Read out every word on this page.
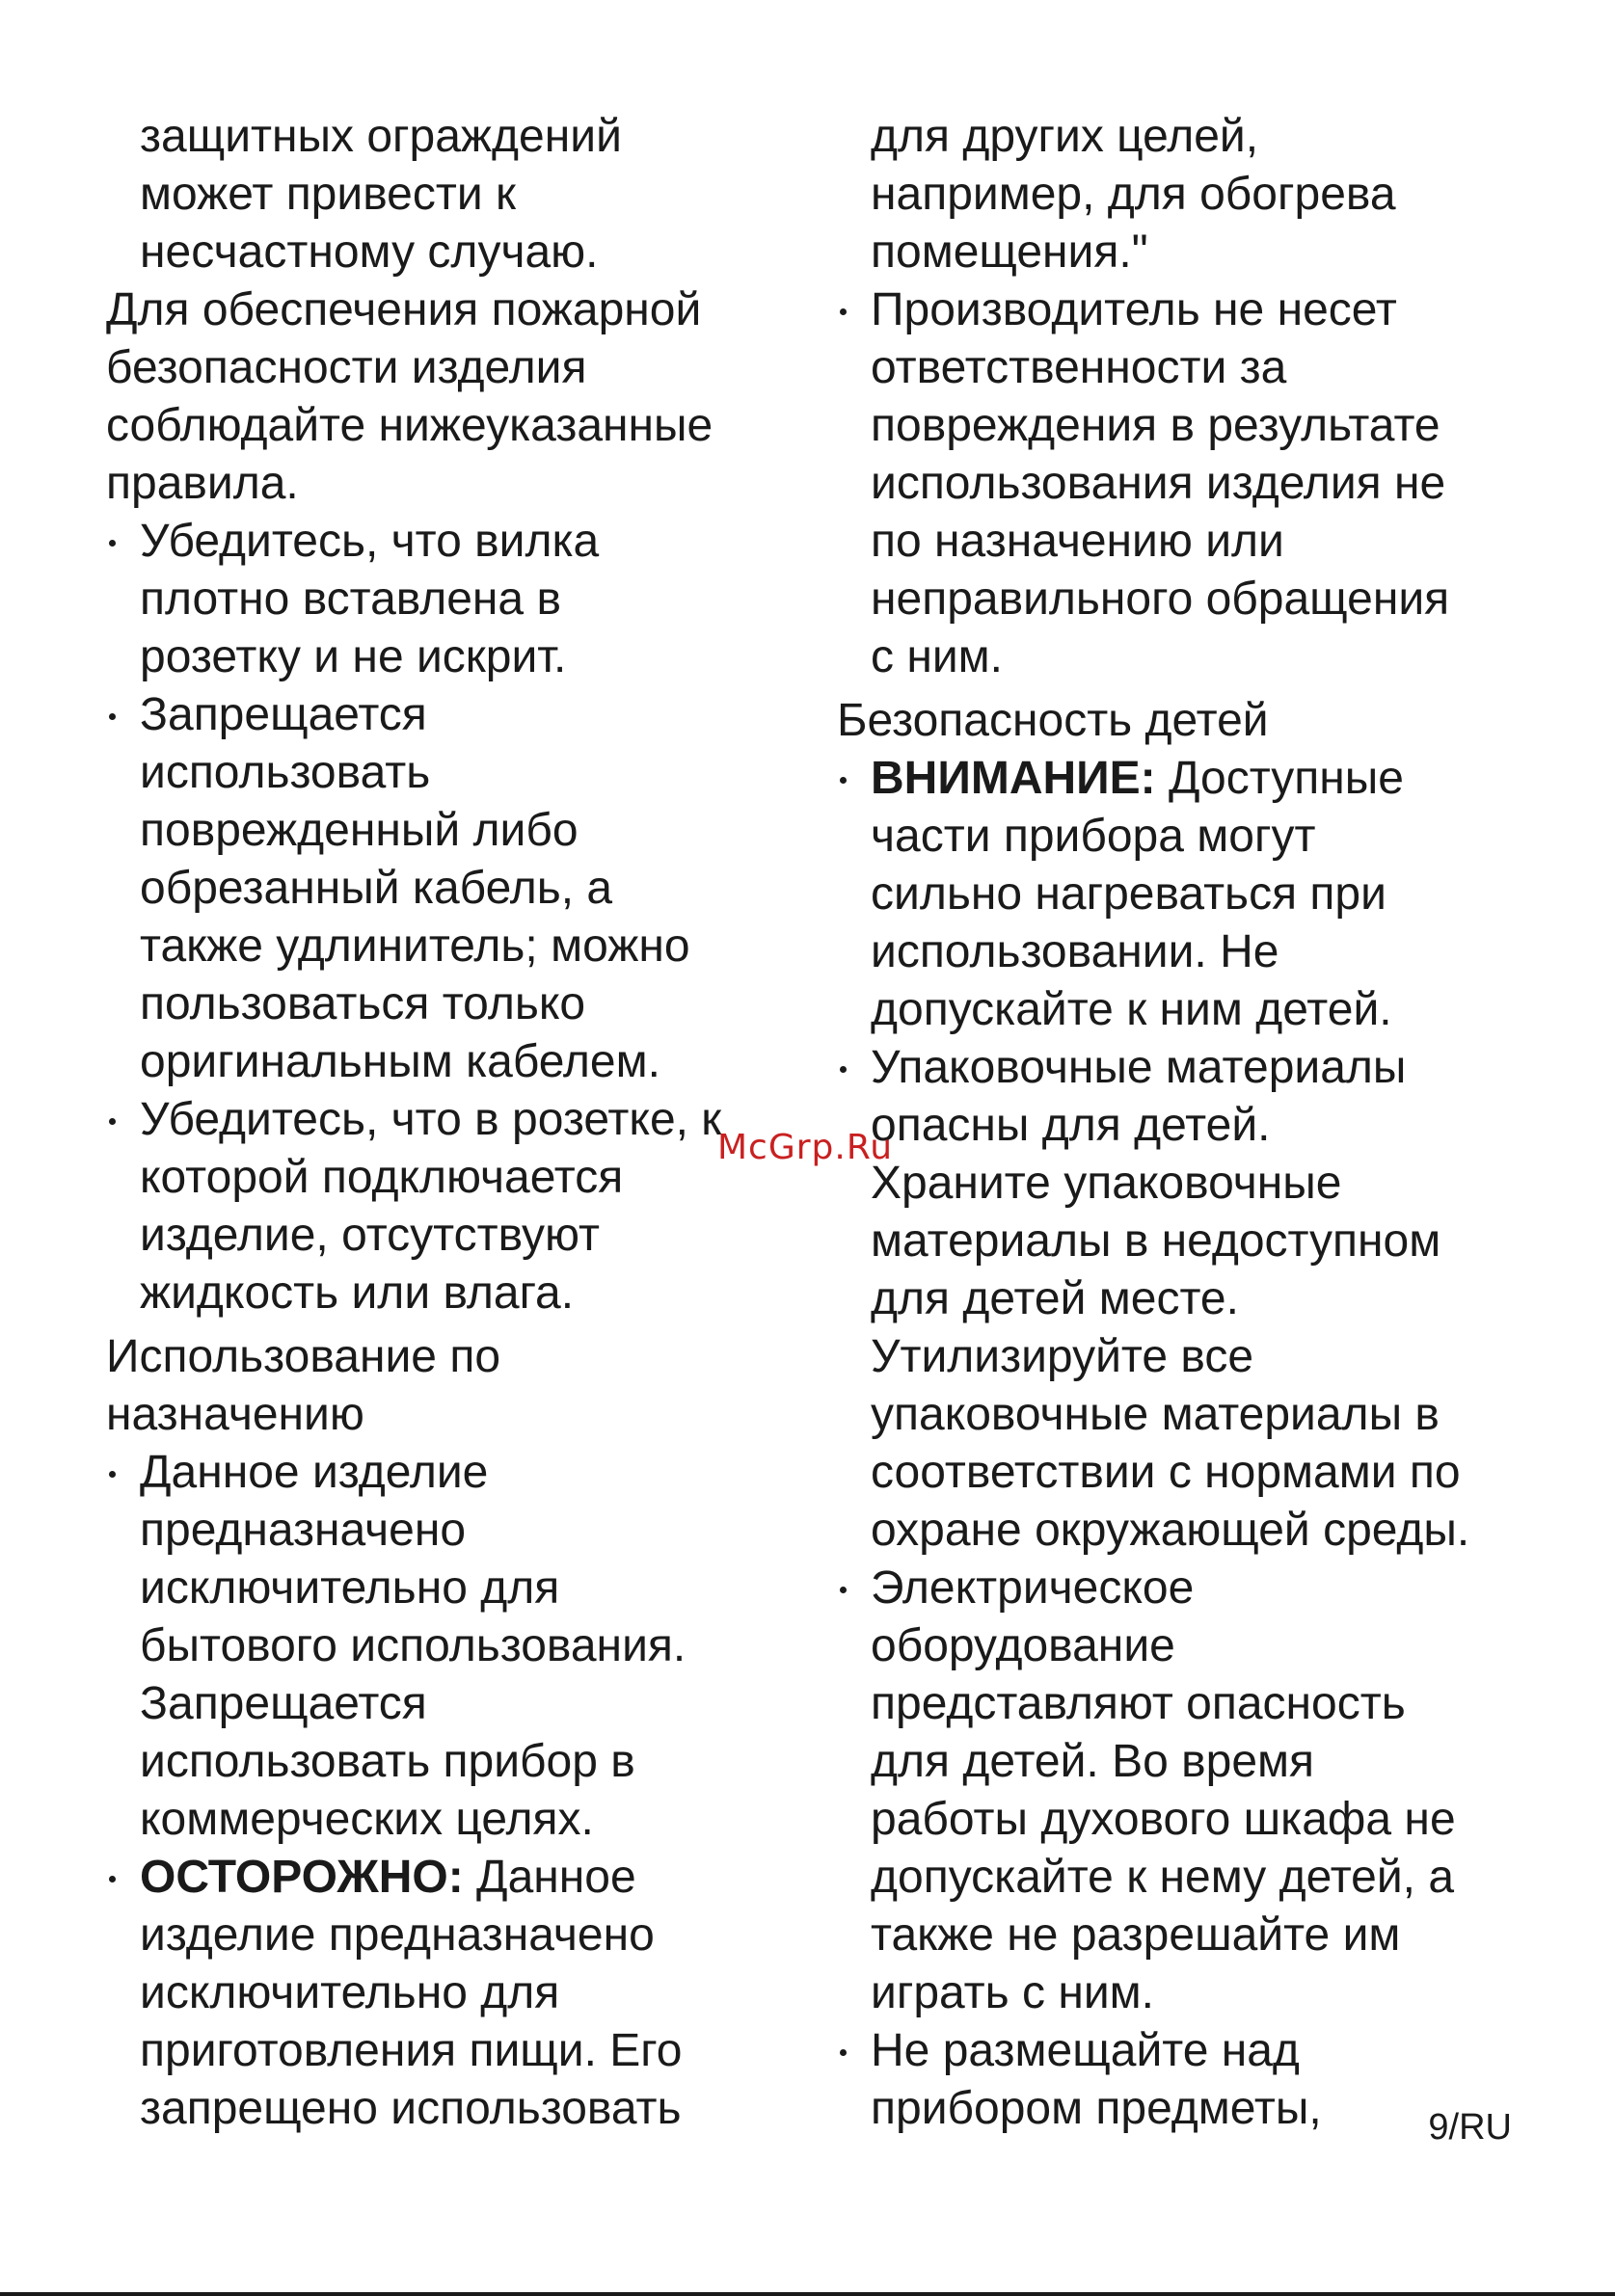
защитных ограждений
может привести к
несчастному случаю.
Для обеспечения пожарной
безопасности изделия
соблюдайте нижеуказанные
правила.
Убедитесь, что вилка
плотно вставлена в
розетку и не искрит.
Запрещается
использовать
поврежденный либо
обрезанный кабель, а
также удлинитель; можно
пользоваться только
оригинальным кабелем.
Убедитесь, что в розетке, к
которой подключается
изделие, отсутствуют
жидкость или влага.
Использование по
назначению
Данное изделие
предназначено
исключительно для
бытового использования.
Запрещается
использовать прибор в
коммерческих целях.
ОСТОРОЖНО: Данное
изделие предназначено
исключительно для
приготовления пищи. Его
запрещено использовать
для других целей,
например, для обогрева
помещения."
Производитель не несет
ответственности за
повреждения в результате
использования изделия не
по назначению или
неправильного обращения
с ним.
Безопасность детей
ВНИМАНИЕ: Доступные
части прибора могут
сильно нагреваться при
использовании. Не
допускайте к ним детей.
Упаковочные материалы
опасны для детей.
Храните упаковочные
материалы в недоступном
для детей месте.
Утилизируйте все
упаковочные материалы в
соответствии с нормами по
охране окружающей среды.
Электрическое
оборудование
представляют опасность
для детей. Во время
работы духового шкафа не
допускайте к нему детей, а
также не разрешайте им
играть с ним.
Не размещайте над
прибором предметы,
McGrp.Ru
9/RU
